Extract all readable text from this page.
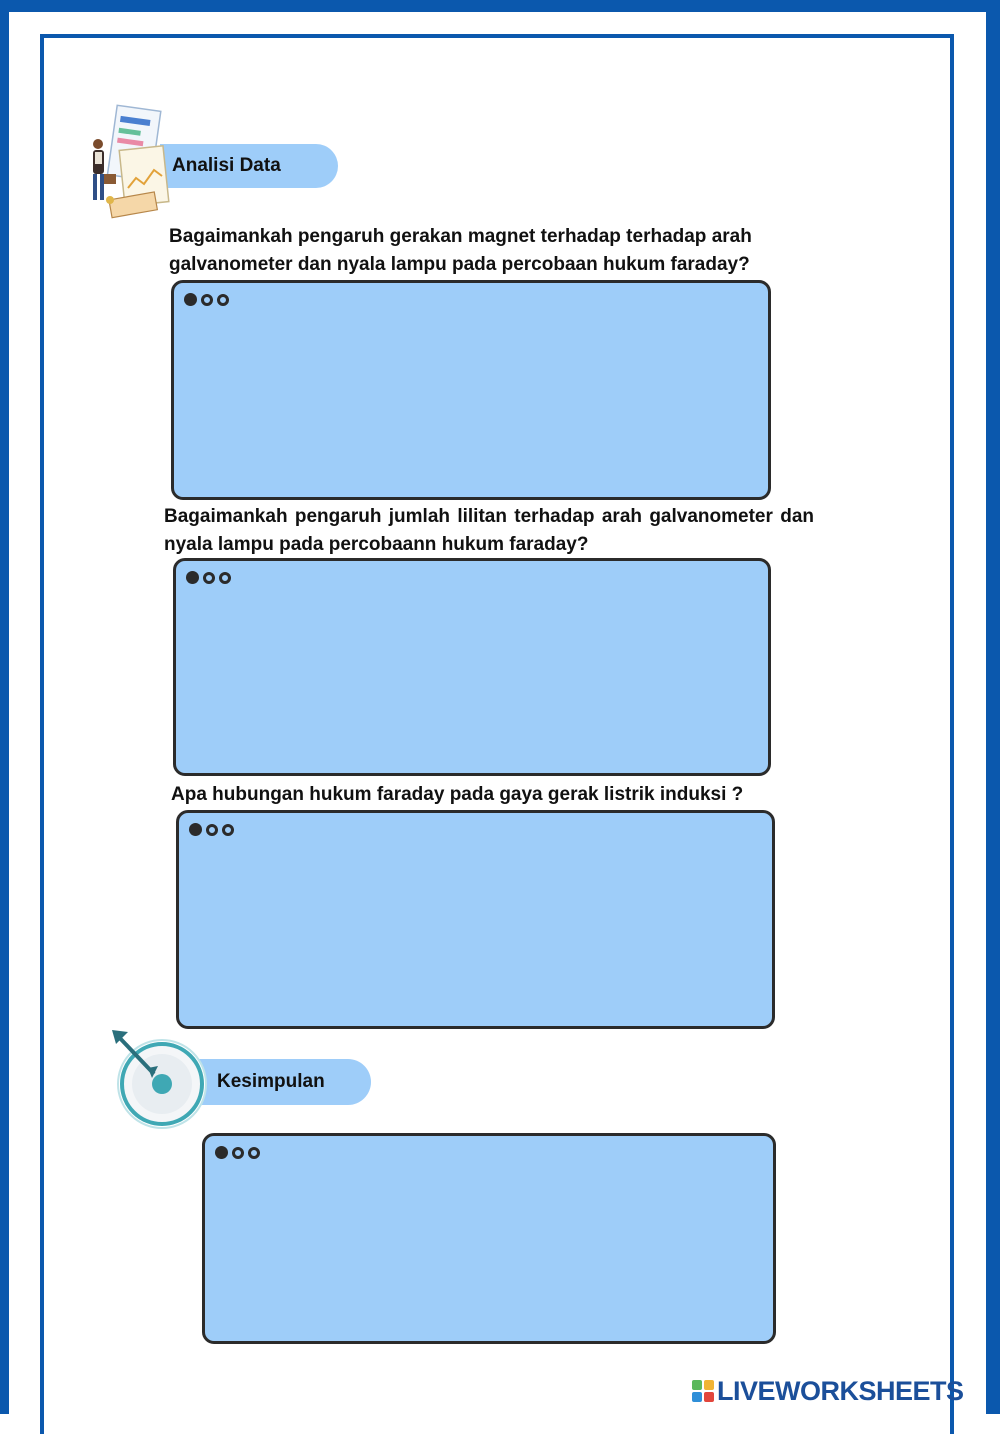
Analisi Data
Bagaimankah pengaruh gerakan magnet terhadap terhadap arah galvanometer dan nyala lampu pada percobaan hukum faraday?
Bagaimankah pengaruh jumlah lilitan terhadap arah galvanometer dan nyala lampu pada percobaann hukum faraday?
Apa hubungan hukum faraday pada gaya gerak listrik induksi ?
Kesimpulan
LIVEWORKSHEETS
